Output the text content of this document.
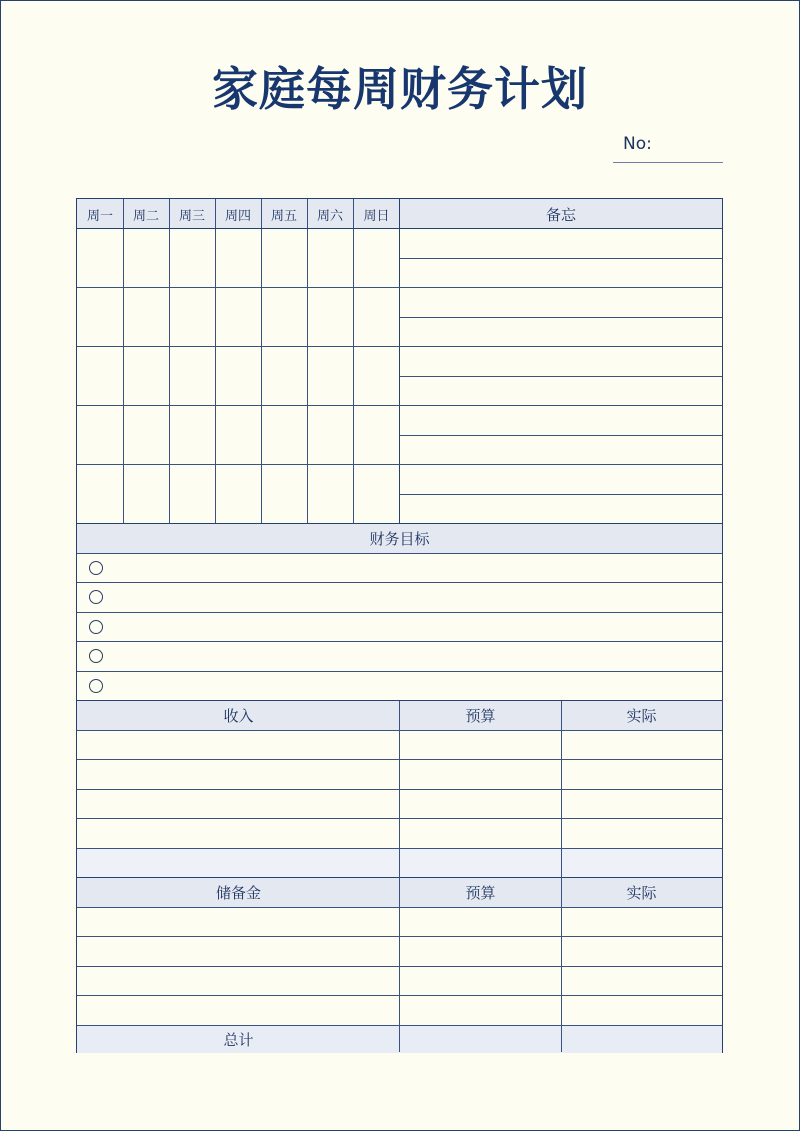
家庭每周财务计划
No:
周一	周二	周三	周四	周五	周六	周日	备忘
财务目标
收入	预算	实际
储备金	预算	实际
总计
